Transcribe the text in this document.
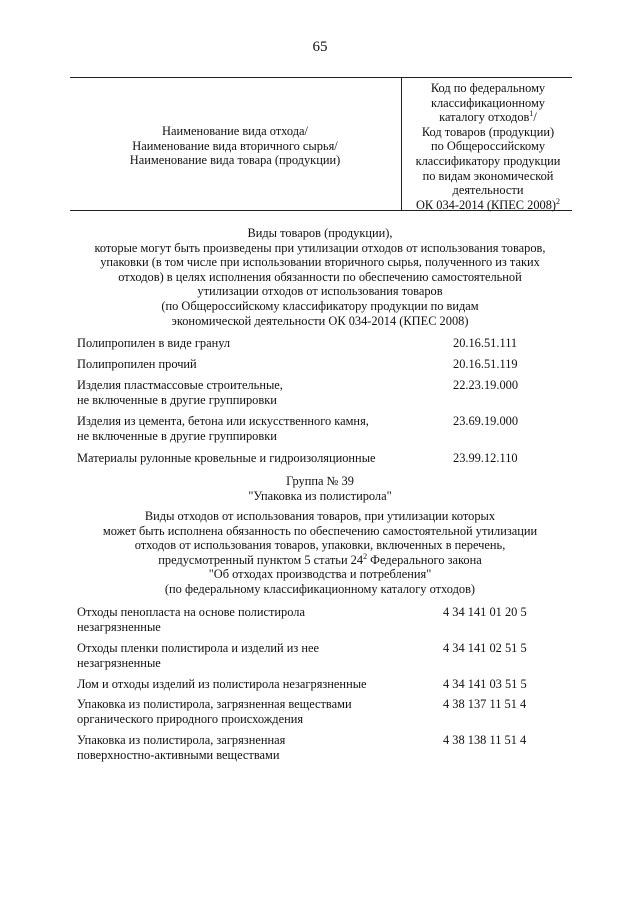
65
Наименование вида отхода/
Наименование вида вторичного сырья/
Наименование вида товара (продукции)
Код по федеральному
классификационному
каталогу отходов$^1$/
Код товаров (продукции)
по Общероссийскому
классификатору продукции
по видам экономической
деятельности
ОК 034-2014 (КПЕС 2008)$^2$
Виды товаров (продукции),
которые могут быть произведены при утилизации отходов от использования товаров,
упаковки (в том числе при использовании вторичного сырья, полученного из таких
отходов) в целях исполнения обязанности по обеспечению самостоятельной
утилизации отходов от использования товаров
(по Общероссийскому классификатору продукции по видам
экономической деятельности ОК 034-2014 (КПЕС 2008)
Полипропилен в виде гранул	20.16.51.111
Полипропилен прочий	20.16.51.119
Изделия пластмассовые строительные,
не включенные в другие группировки
22.23.19.000
Изделия из цемента, бетона или искусственного камня,
не включенные в другие группировки
23.69.19.000
Материалы рулонные кровельные и гидроизоляционные	23.99.12.110
Группа № 39
"Упаковка из полистирола"
Виды отходов от использования товаров, при утилизации которых
может быть исполнена обязанность по обеспечению самостоятельной утилизации
отходов от использования товаров, упаковки, включенных в перечень,
предусмотренный пунктом 5 статьи $24^2$ Федерального закона
"Об отходах производства и потребления"
(по федеральному классификационному каталогу отходов)
Отходы пенопласта на основе полистирола
незагрязненные
4 34 141 01 20 5
Отходы пленки полистирола и изделий из нее
незагрязненные
4 34 141 02 51 5
Лом и отходы изделий из полистирола незагрязненные	4 34 141 03 51 5
Упаковка из полистирола, загрязненная веществами
органического природного происхождения
4 38 137 11 51 4
Упаковка из полистирола, загрязненная
поверхностно-активными веществами
4 38 138 11 51 4
